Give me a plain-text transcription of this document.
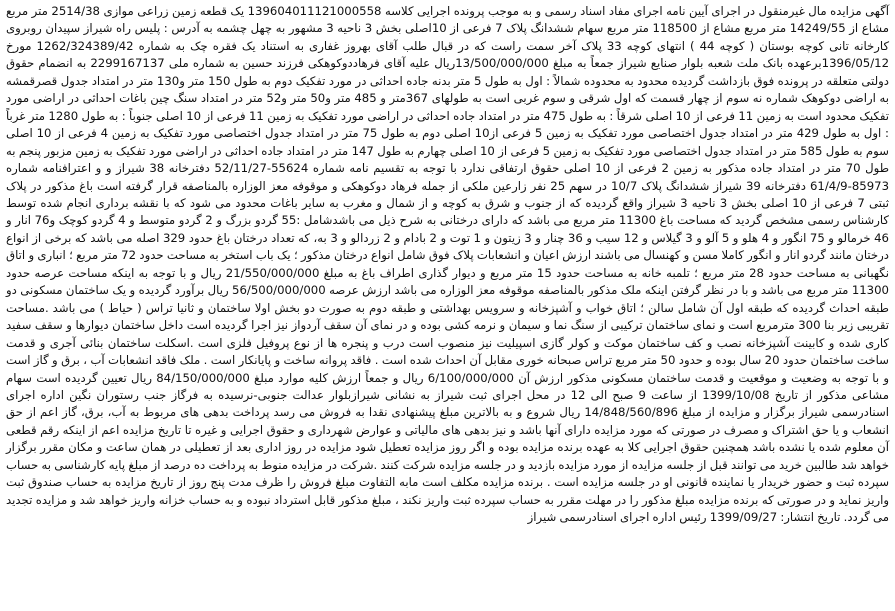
آگهی مزایده مال غیرمنقول در اجرای آیین نامه اجرای مفاد اسناد رسمی و به موجب پرونده اجرایی کلاسه 139604011121000558 یک قطعه زمین زراعی موازی 2514/38 متر مربع مشاع از 14249/55 متر مربع مشاع از 118500 متر مربع سهام ششدانگ پلاک 7 فرعی از 10اصلی بخش 3 ناحیه 3 مشهور به چهل چشمه به آدرس : پلیس راه شیراز سپیدان روبروی کارخانه تانی کوچه بوستان ( کوچه 44 ) انتهای کوچه 33 پلاک آخر سمت راست که در قبال طلب آقای بهروز غفاری به استناد یک فقره چک به شماره 1262/324389/42 مورخ 1396/05/12برعهده بانک ملت شعبه بلوار صنایع شیراز جمعاً به مبلغ 13/500/000/000ریال علیه آقای فرهاددوکوهکی فرزند حسین به شماره ملی 2299167137 به انضمام حقوق دولتی متعلقه در پرونده فوق بازداشت گردیده محدود به محدوده شمالاً : اول به طول 5 متر بدنه جاده احداثی در مورد تفکیک دوم به طول 150 متر و130 متر در امتداد جدول قصرقمشه به اراضی دوکوهک شماره نه سوم از چهار قسمت که اول شرقی و سوم غربی است به طولهای 367متر و 485 متر و50 متر و52 متر در امتداد سنگ چین باغات احداثی در اراضی مورد تفکیک محدود است به زمین 11 فرعی از 10 اصلی شرقاً : به طول 475 متر در امتداد جاده احداثی در اراضی مورد تفکیک به زمین 11 فرعی از 10 اصلی جنوباً : به طول 1280 متر غرباً : اول به طول 429 متر در امتداد جدول اختصاصی مورد تفکیک به زمین 5 فرعی از10 اصلی دوم به طول 75 متر در امتداد جدول اختصاصی مورد تفکیک به زمین 4 فرعی از 10 اصلی سوم به طول 585 متر در امتداد جدول اختصاصی مورد تفکیک به زمین 5 فرعی از 10 اصلی چهارم به طول 147 متر در امتداد جاده احداثی در اراضی مورد تفکیک به زمین مزبور پنجم به طول 70 متر در امتداد جاده مذکور به زمین 2 فرعی از 10 اصلی حقوق ارتفاقی ندارد با توجه به تقسیم نامه شماره 55624-52/11/27 دفترخانه 38 شیراز و و اعترافنامه شماره 85973-61/4/9 دفترخانه 39 شیراز ششدانگ پلاک 10/7 در سهم 25 نفر زارعین ملکی از جمله فرهاد دوکوهکی و موقوفه معز الوزاره بالمناصفه قرار گرفته است باغ مذکور در پلاک ثبتی 7 فرعی از 10 اصلی بخش 3 ناحیه 3 شیراز واقع گردیده که از جنوب و شرق به کوچه و از شمال و مغرب به سایر باغات محدود می شود که با نقشه برداری انجام شده توسط کارشناس رسمی مشخص گردید که مساحت باغ 11300 متر مربع می باشد که دارای درختانی به شرح ذیل می باشدشامل :55 گردو بزرگ و 2 گردو متوسط و 4 گردو کوچک و76 انار و 46 خرمالو و 75 انگور و 4 هلو و 5 آلو و 3 گیلاس و 12 سیب و 36 چنار و 3 زیتون و 1 توت و 2 بادام و 2 زردالو و 3 به، که تعداد درختان باغ حدود 329 اصله می باشد که برخی از انواع درختان مانند گردو انار و انگور کاملا مسن و کهنسال می باشند ارزش اعیان و انشعابات پلاک فوق شامل انواع درختان مذکور ؛ یک باب استخر به مساحت حدود 72 متر مربع ؛ انباری و اتاق نگهبانی به مساحت حدود 28 متر مربع ؛ تلمبه خانه به مساحت حدود 15 متر مربع و دیوار گذاری اطراف باغ به مبلغ 21/550/000/000 ریال و با توجه به اینکه مساحت عرصه حدود 11300 متر مربع می باشد و با در نظر گرفتن اینکه ملک مذکور بالمناصفه موقوفه معز الوزاره می باشد ارزش عرصه 56/500/000/000 ریال برآورد گردیده و یک ساختمان مسکونی دو طبقه احداث گردیده که طبقه اول آن شامل سالن ؛ اتاق خواب و آشپزخانه و سرویس بهداشتی و طبقه دوم به صورت دو بخش اولا ساختمان و ثانیا تراس ( حیاط ) می باشد .مساحت تقریبی زیر بنا 300 مترمربع است و نمای ساختمان ترکیبی از سنگ نما و سیمان و نرمه کشی بوده و در نمای آن سقف آردواز نیز اجرا گردیده است داخل ساختمان دیوارها و سقف سفید کاری شده و کابینت آشپزخانه نصب و کف ساختمان موکت و کولر گازی اسپیلیت نیز منصوب است درب و پنجره ها از نوع پروفیل فلزی است .اسکلت ساختمان بنائی آجری و قدمت ساخت ساختمان حدود 20 سال بوده و حدود 50 متر مربع تراس صبحانه خوری مقابل آن احداث شده است . فاقد پروانه ساخت و پایانکار است . ملک فاقد انشعابات آب ، برق و گاز است و با توجه به وضعیت و موقعیت و قدمت ساختمان مسکونی مذکور ارزش آن 6/100/000/000 ریال و جمعاً ارزش کلیه موارد مبلغ 84/150/000/000 ریال تعیین گردیده است سهام مشاعی مذکور از تاریخ 1399/10/08 از ساعت 9 صبح الی 12 در محل اجرای ثبت شیراز به نشانی شیرازبلوار عدالت جنوبی-نرسیده به فرگاز جنب رستوران نگین اداره اجرای اسنادرسمی شیراز برگزار و مزایده از مبلغ 14/848/560/896 ریال شروع و به بالاترین مبلغ پیشنهادی نقدا به فروش می رسد پرداخت بدهی های مربوط به آب، برق، گاز اعم از حق انشعاب و یا حق اشتراک و مصرف در صورتی که مورد مزایده دارای آنها باشد و نیز بدهی های مالیاتی و عوارض شهرداری و حقوق اجرایی و غیره تا تاریخ مزایده اعم از اینکه رقم قطعی آن معلوم شده یا نشده باشد همچنین حقوق اجرایی کلا به عهده برنده مزایده بوده و اگر روز مزایده تعطیل شود مزایده در روز اداری بعد از تعطیلی در همان ساعت و مکان مقرر برگزار خواهد شد طالبین خرید می توانند قبل از جلسه مزایده از مورد مزایده بازدید و در جلسه مزایده شرکت کنند .شرکت در مزایده منوط به پرداخت ده درصد از مبلغ پایه کارشناسی به حساب سپرده ثبت و حضور خریدار یا نماینده قانونی او در جلسه مزایده است . برنده مزایده مکلف است مابه التفاوت مبلغ فروش را ظرف مدت پنج روز از تاریخ مزایده به حساب صندوق ثبت واریز نماید و در صورتی که برنده مزایده مبلغ مذکور را در مهلت مقرر به حساب سپرده ثبت واریز نکند ، مبلغ مذکور قابل استرداد نبوده و به حساب خزانه واریز خواهد شد و مزایده تجدید می گردد. تاریخ انتشار: 1399/09/27 رئیس اداره اجرای اسنادرسمی شیراز
